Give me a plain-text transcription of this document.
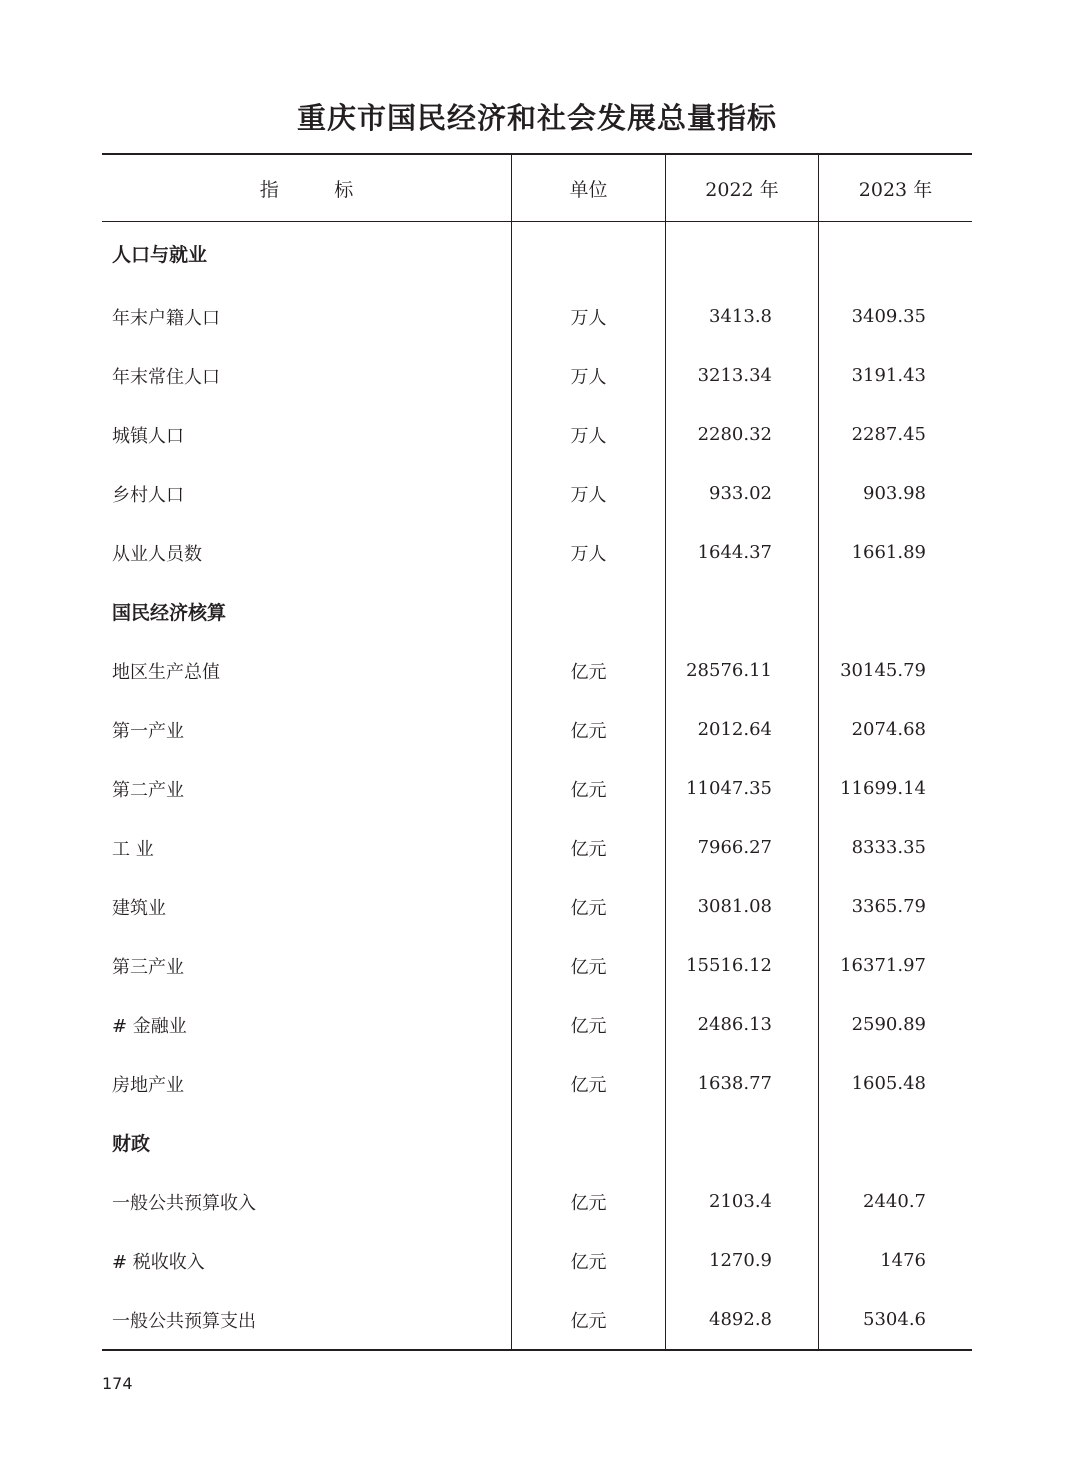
重庆市国民经济和社会发展总量指标
指 标	单位	2022 年	2023 年
人口与就业
年末户籍人口	万人	3413.8	3409.35
年末常住人口	万人	3213.34	3191.43
城镇人口	万人	2280.32	2287.45
乡村人口	万人	933.02	903.98
从业人员数	万人	1644.37	1661.89
国民经济核算
地区生产总值	亿元	28576.11	30145.79
第一产业	亿元	2012.64	2074.68
第二产业	亿元	11047.35	11699.14
工 业	亿元	7966.27	8333.35
建筑业	亿元	3081.08	3365.79
第三产业	亿元	15516.12	16371.97
# 金融业	亿元	2486.13	2590.89
房地产业	亿元	1638.77	1605.48
财政
一般公共预算收入	亿元	2103.4	2440.7
# 税收收入	亿元	1270.9	1476
一般公共预算支出	亿元	4892.8	5304.6
174
